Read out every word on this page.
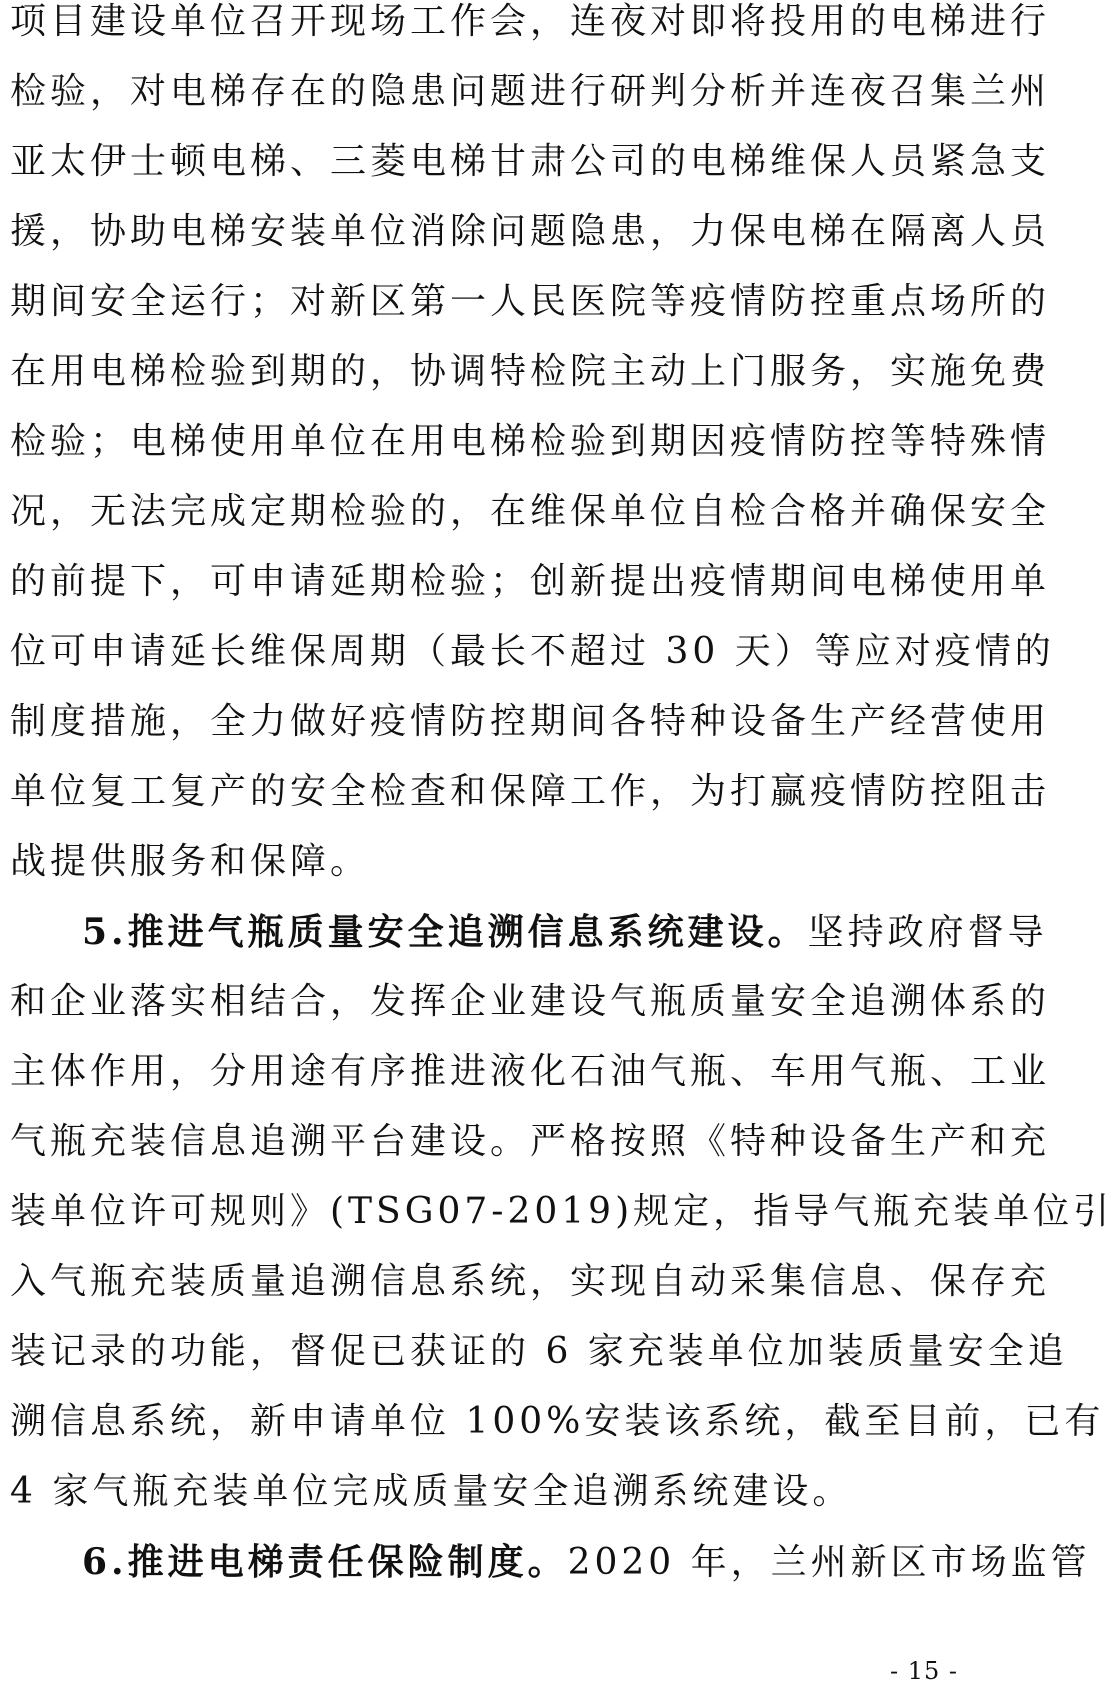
项目建设单位召开现场工作会，连夜对即将投用的电梯进行
检验，对电梯存在的隐患问题进行研判分析并连夜召集兰州
亚太伊士顿电梯、三菱电梯甘肃公司的电梯维保人员紧急支
援，协助电梯安装单位消除问题隐患，力保电梯在隔离人员
期间安全运行；对新区第一人民医院等疫情防控重点场所的
在用电梯检验到期的，协调特检院主动上门服务，实施免费
检验；电梯使用单位在用电梯检验到期因疫情防控等特殊情
况，无法完成定期检验的，在维保单位自检合格并确保安全
的前提下，可申请延期检验；创新提出疫情期间电梯使用单
位可申请延长维保周期（最长不超过 30 天）等应对疫情的
制度措施，全力做好疫情防控期间各特种设备生产经营使用
单位复工复产的安全检查和保障工作，为打赢疫情防控阻击
战提供服务和保障。
5.推进气瓶质量安全追溯信息系统建设。坚持政府督导
和企业落实相结合，发挥企业建设气瓶质量安全追溯体系的
主体作用，分用途有序推进液化石油气瓶、车用气瓶、工业
气瓶充装信息追溯平台建设。严格按照《特种设备生产和充
装单位许可规则》(TSG07-2019)规定，指导气瓶充装单位引
入气瓶充装质量追溯信息系统，实现自动采集信息、保存充
装记录的功能，督促已获证的 6 家充装单位加装质量安全追
溯信息系统，新申请单位 100%安装该系统，截至目前，已有
4 家气瓶充装单位完成质量安全追溯系统建设。
6.推进电梯责任保险制度。2020 年，兰州新区市场监管
- 15 -
